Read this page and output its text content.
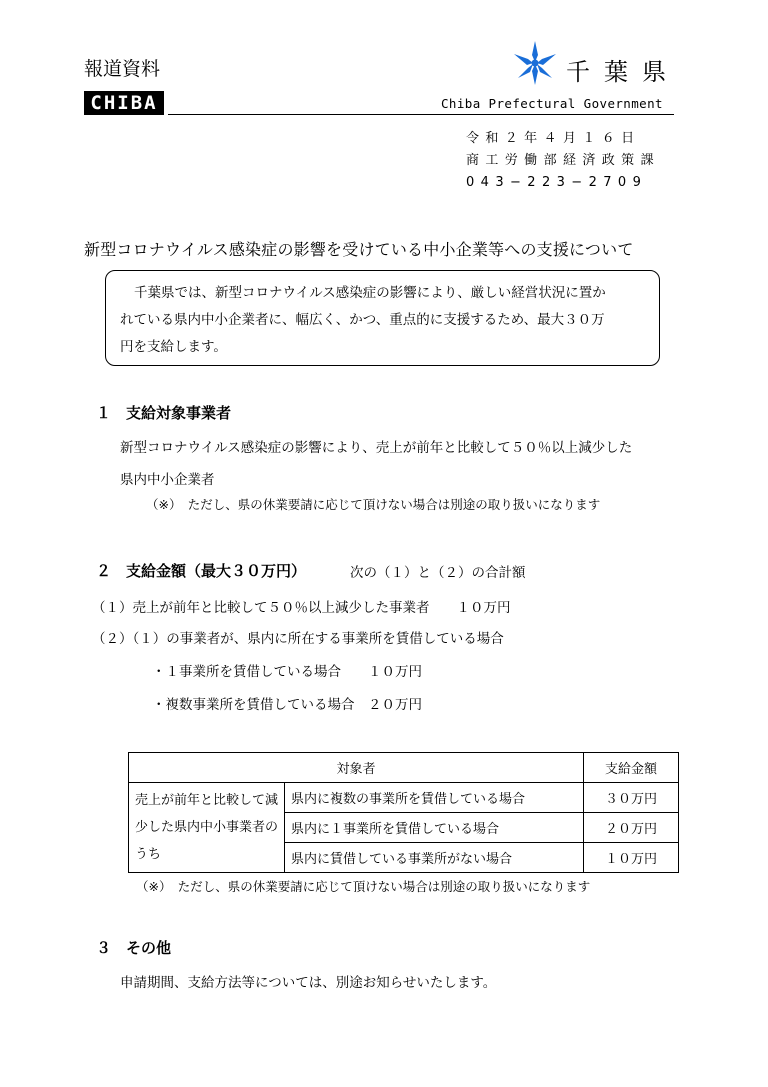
報道資料
CHIBA
千葉県
Chiba Prefectural Government
令和２年４月１６日
商工労働部経済政策課
043−223−2709
新型コロナウイルス感染症の影響を受けている中小企業等への支援について
千葉県では、新型コロナウイルス感染症の影響により、厳しい経営状況に置か
れている県内中小企業者に、幅広く、かつ、重点的に支援するため、最大３０万
円を支給します。
１　支給対象事業者
新型コロナウイルス感染症の影響により、売上が前年と比較して５０％以上減少した
県内中小企業者
（※）　ただし、県の休業要請に応じて頂けない場合は別途の取り扱いになります
２　支給金額（最大３０万円）	次の（１）と（２）の合計額
（１）売上が前年と比較して５０％以上減少した事業者　　１０万円
（２）（１）の事業者が、県内に所在する事業所を賃借している場合
・１事業所を賃借している場合　　１０万円
・複数事業所を賃借している場合　２０万円
対象者		支給金額
売上が前年と比較して減少した県内中小事業者のうち	県内に複数の事業所を賃借している場合	３０万円
	県内に１事業所を賃借している場合	２０万円
	県内に賃借している事業所がない場合	１０万円
（※）　ただし、県の休業要請に応じて頂けない場合は別途の取り扱いになります
３　その他
申請期間、支給方法等については、別途お知らせいたします。
